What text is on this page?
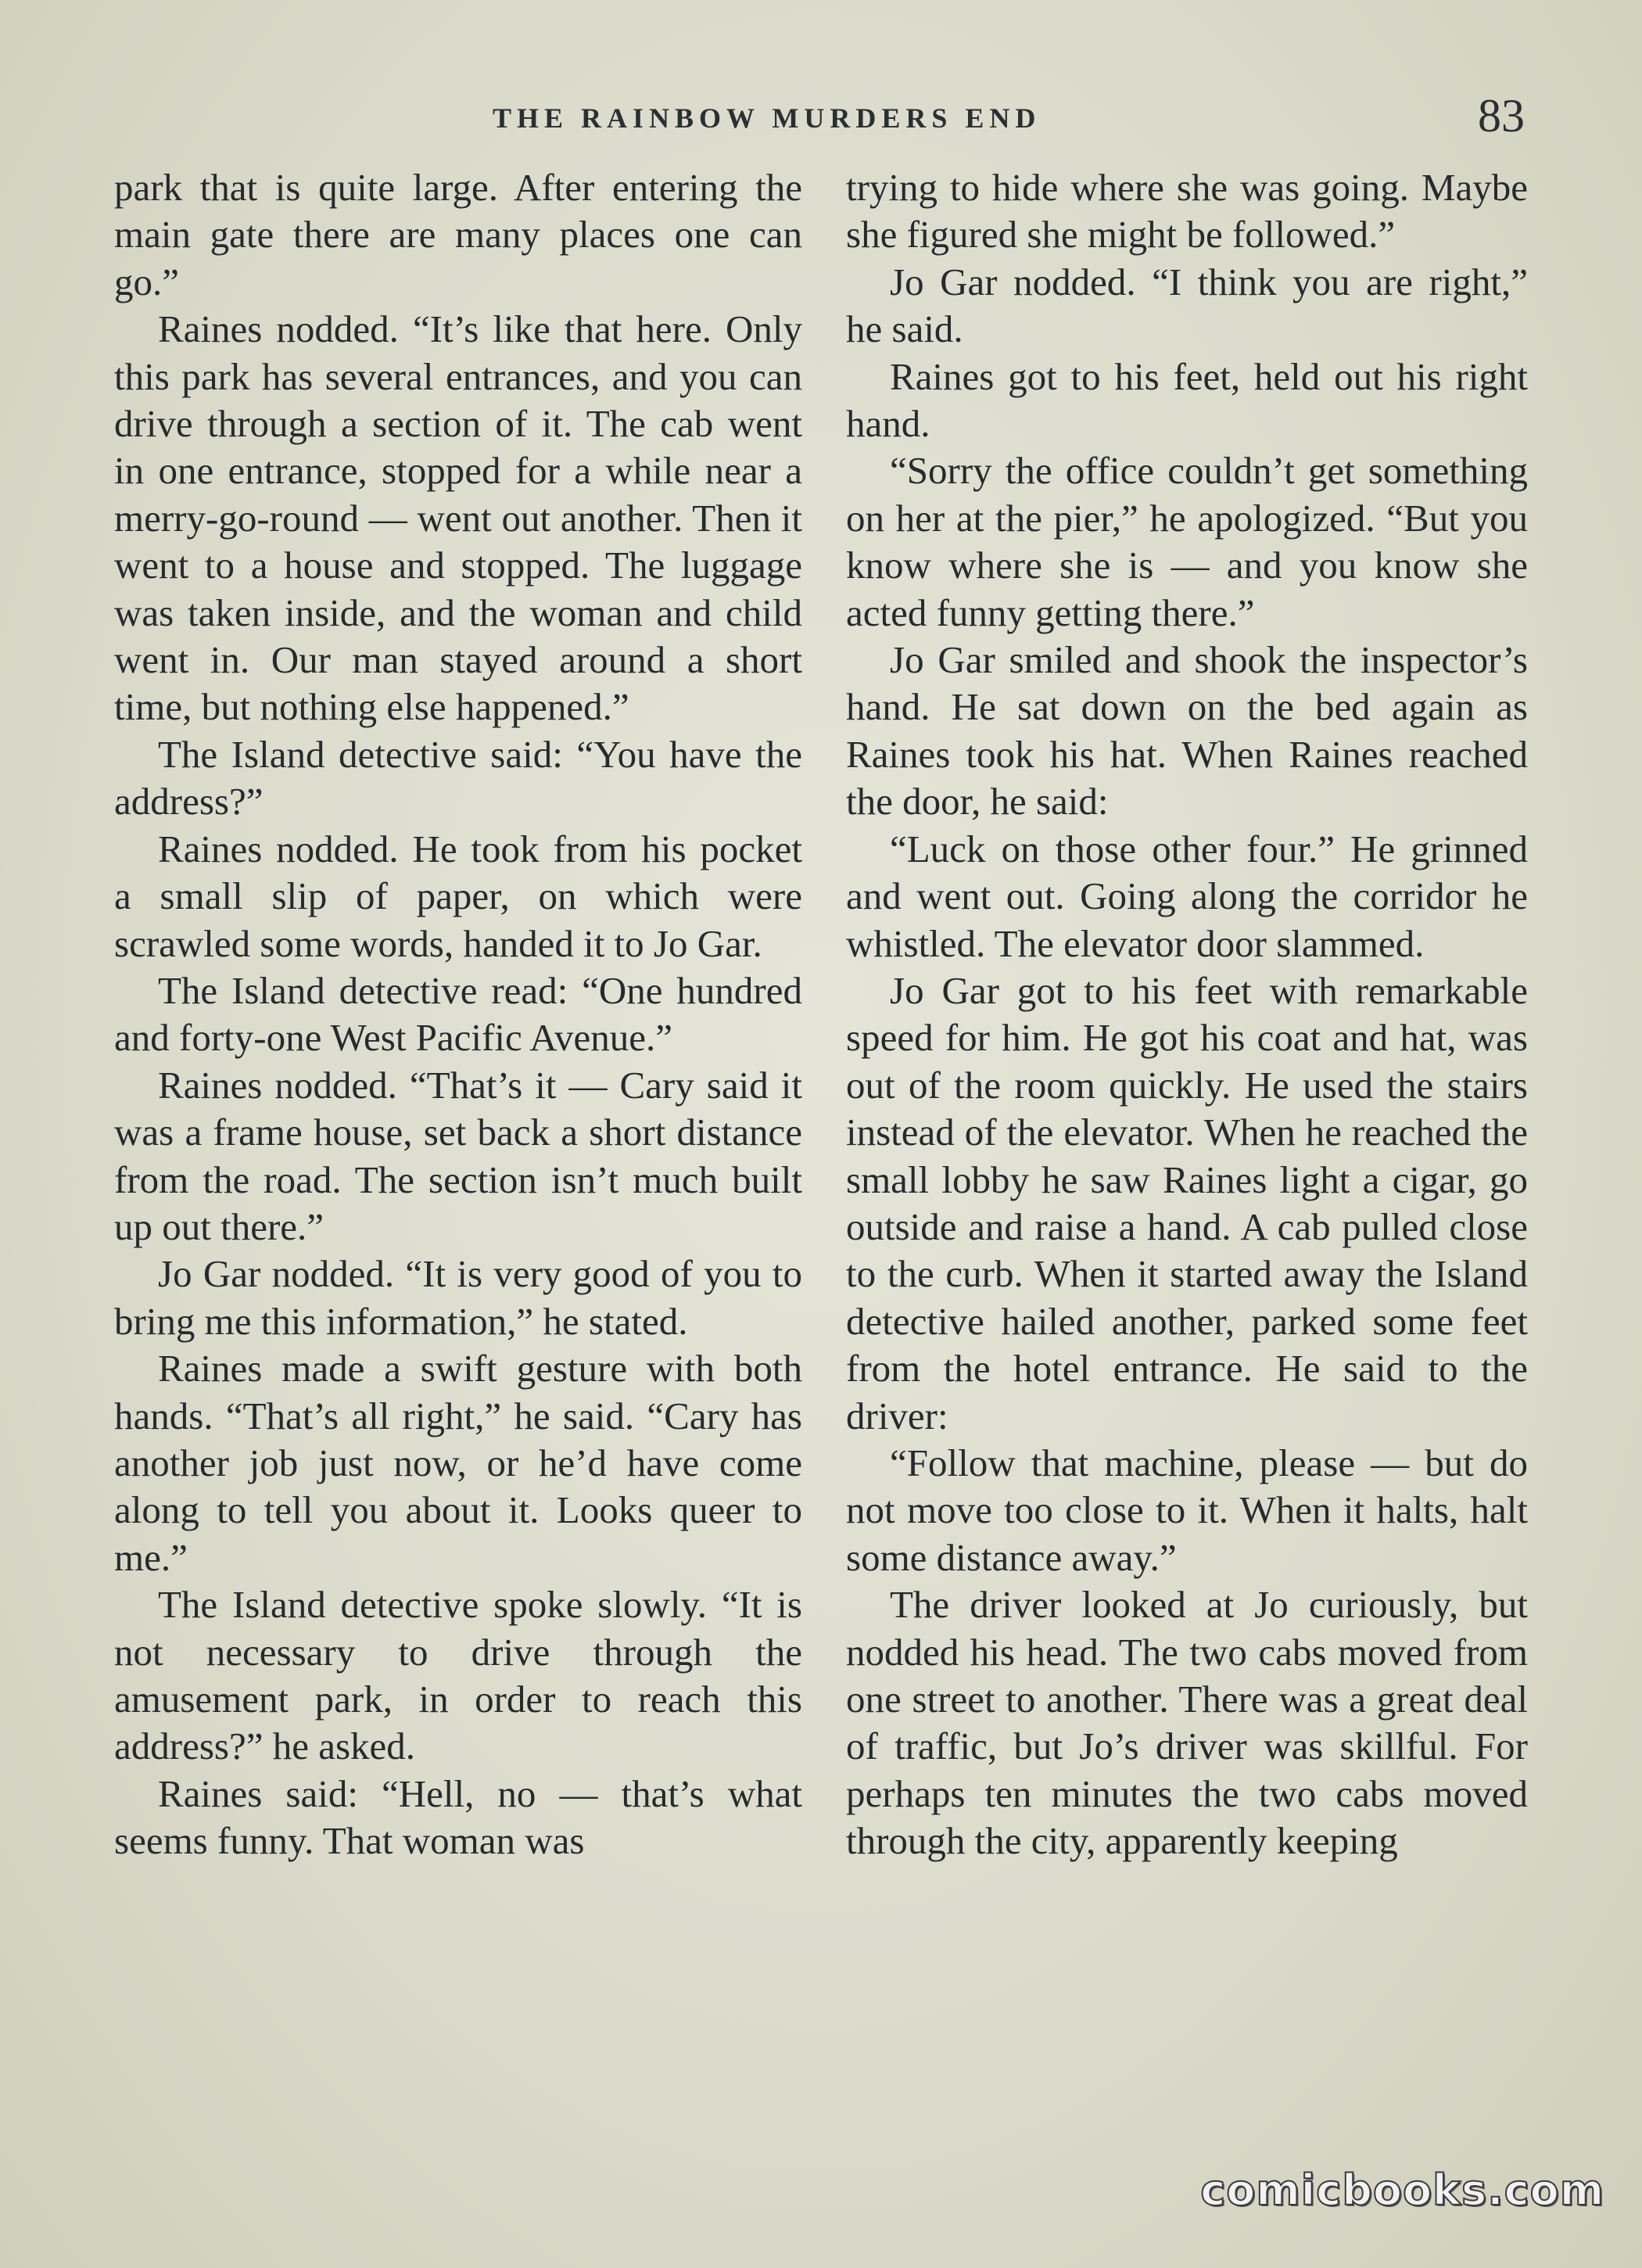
THE RAINBOW MURDERS END	83

park that is quite large. After entering the main gate there are many places one can go.”

Raines nodded. “It’s like that here. Only this park has several entrances, and you can drive through a section of it. The cab went in one entrance, stopped for a while near a merry-go-round — went out another. Then it went to a house and stopped. The luggage was taken inside, and the woman and child went in. Our man stayed around a short time, but nothing else happened.”

The Island detective said: “You have the address?”

Raines nodded. He took from his pocket a small slip of paper, on which were scrawled some words, handed it to Jo Gar.

The Island detective read: “One hundred and forty-one West Pacific Avenue.”

Raines nodded. “That’s it — Cary said it was a frame house, set back a short distance from the road. The section isn’t much built up out there.”

Jo Gar nodded. “It is very good of you to bring me this information,” he stated.

Raines made a swift gesture with both hands. “That’s all right,” he said. “Cary has another job just now, or he’d have come along to tell you about it. Looks queer to me.”

The Island detective spoke slowly. “It is not necessary to drive through the amusement park, in order to reach this address?” he asked.

Raines said: “Hell, no — that’s what seems funny. That woman was

trying to hide where she was going. Maybe she figured she might be followed.”

Jo Gar nodded. “I think you are right,” he said.

Raines got to his feet, held out his right hand.

“Sorry the office couldn’t get something on her at the pier,” he apologized. “But you know where she is — and you know she acted funny getting there.”

Jo Gar smiled and shook the inspector’s hand. He sat down on the bed again as Raines took his hat. When Raines reached the door, he said:

“Luck on those other four.” He grinned and went out. Going along the corridor he whistled. The elevator door slammed.

Jo Gar got to his feet with remarkable speed for him. He got his coat and hat, was out of the room quickly. He used the stairs instead of the elevator. When he reached the small lobby he saw Raines light a cigar, go outside and raise a hand. A cab pulled close to the curb. When it started away the Island detective hailed another, parked some feet from the hotel entrance. He said to the driver:

“Follow that machine, please — but do not move too close to it. When it halts, halt some distance away.”

The driver looked at Jo curiously, but nodded his head. The two cabs moved from one street to another. There was a great deal of traffic, but Jo’s driver was skillful. For perhaps ten minutes the two cabs moved through the city, apparently keeping

comicbooks.com
